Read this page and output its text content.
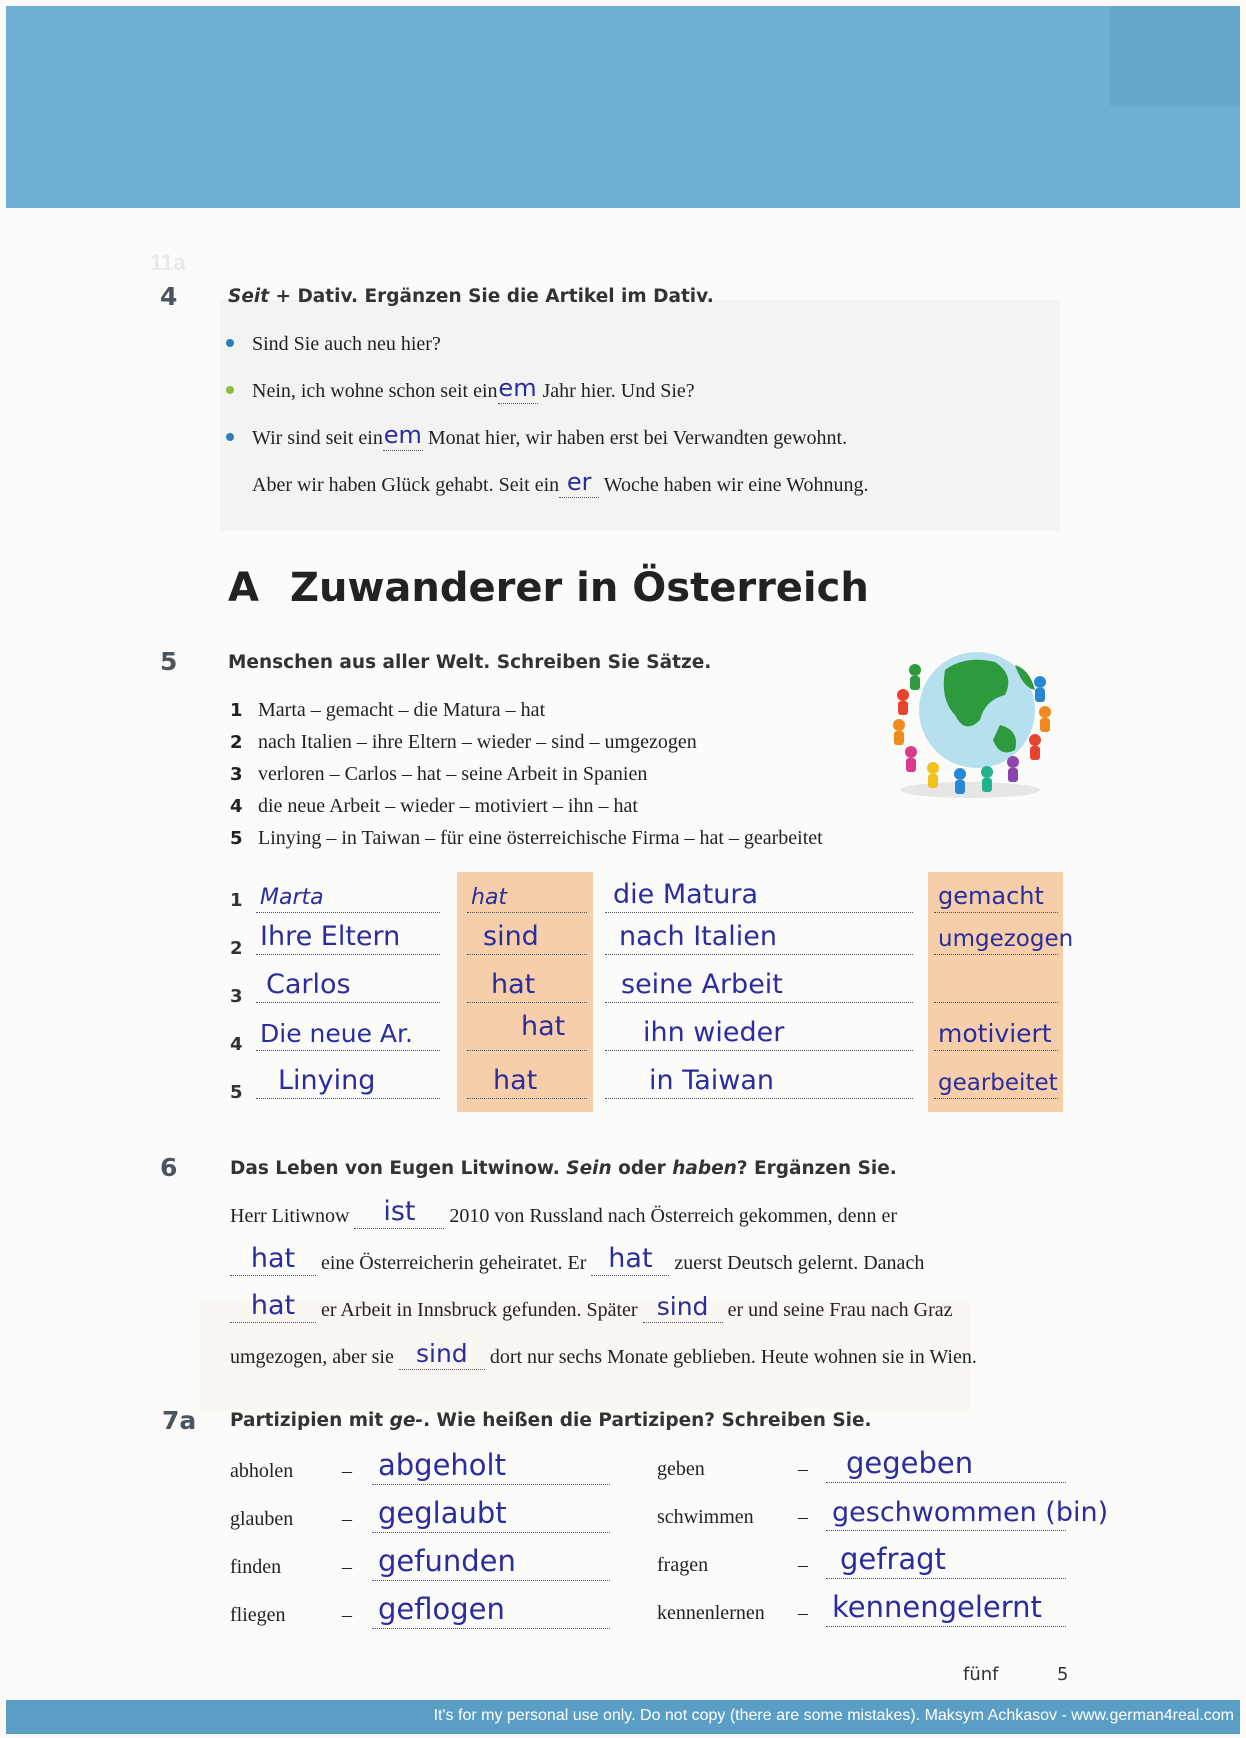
11a
4	Seit + Dativ. Ergänzen Sie die Artikel im Dativ.
Sind Sie auch neu hier?
Nein, ich wohne schon seit ein em Jahr hier. Und Sie?
Wir sind seit ein em Monat hier, wir haben erst bei Verwandten gewohnt.
Aber wir haben Glück gehabt. Seit ein er Woche haben wir eine Wohnung.
A Zuwanderer in Österreich
5	Menschen aus aller Welt. Schreiben Sie Sätze.
1 Marta – gemacht – die Matura – hat
2 nach Italien – ihre Eltern – wieder – sind – umgezogen
3 verloren – Carlos – hat – seine Arbeit in Spanien
4 die neue Arbeit – wieder – motiviert – ihn – hat
5 Linying – in Taiwan – für eine österreichische Firma – hat – gearbeitet
1 Marta	hat	die Matura	gemacht
2 Ihre Eltern	sind	nach Italien	umgezogen
3 Carlos	hat	seine Arbeit
4 Die neue Ar.	hat	ihn wieder	motiviert
5 Linying	hat	in Taiwan	gearbeitet
6	Das Leben von Eugen Litwinow. Sein oder haben? Ergänzen Sie.
Herr Litiwnow	ist	2010 von Russland nach Österreich gekommen, denn er

hat	eine Österreicherin geheiratet. Er hat	zuerst Deutsch gelernt. Danach

hat	er Arbeit in Innsbruck gefunden. Später sind er und seine Frau nach Graz
umgezogen, aber sie sind	dort nur sechs Monate geblieben. Heute wohnen sie in Wien.
7a Partizipien mit ge-. Wie heißen die Partizipen? Schreiben Sie.
abholen – abgeholt
glauben – geglaubt
finden	– gefunden
fliegen	– geflogen
geben	– gegeben
schwimmen – geschwommen (bin)
fragen	– gefragt
kennenlernen – kennengelernt
fünf	5
It's for my personal use only. Do not copy (there are some mistakes). Maksym Achkasov - www.german4real.com
